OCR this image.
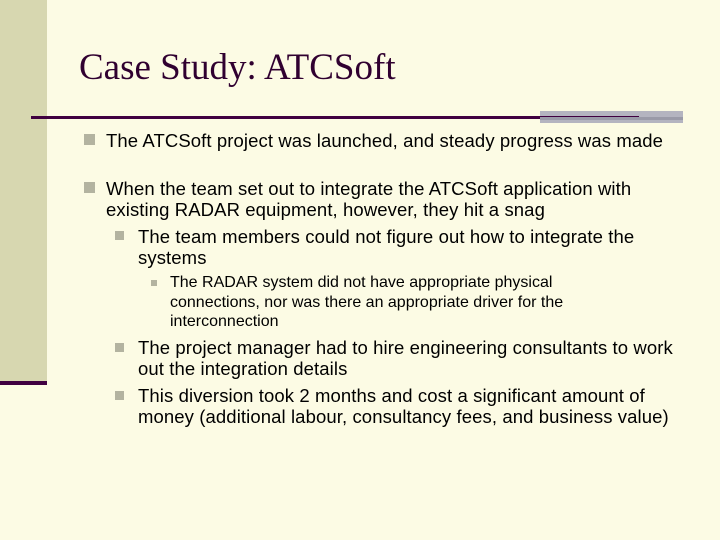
Case Study: ATCSoft
The ATCSoft project was launched, and steady progress was made
When the team set out to integrate the ATCSoft application with existing RADAR equipment, however, they hit a snag
The team members could not figure out how to integrate the systems
The RADAR system did not have appropriate physical connections, nor was there an appropriate driver for the interconnection
The project manager had to hire engineering consultants to work out the integration details
This diversion took 2 months and cost a significant amount of money (additional labour, consultancy fees, and business value)
